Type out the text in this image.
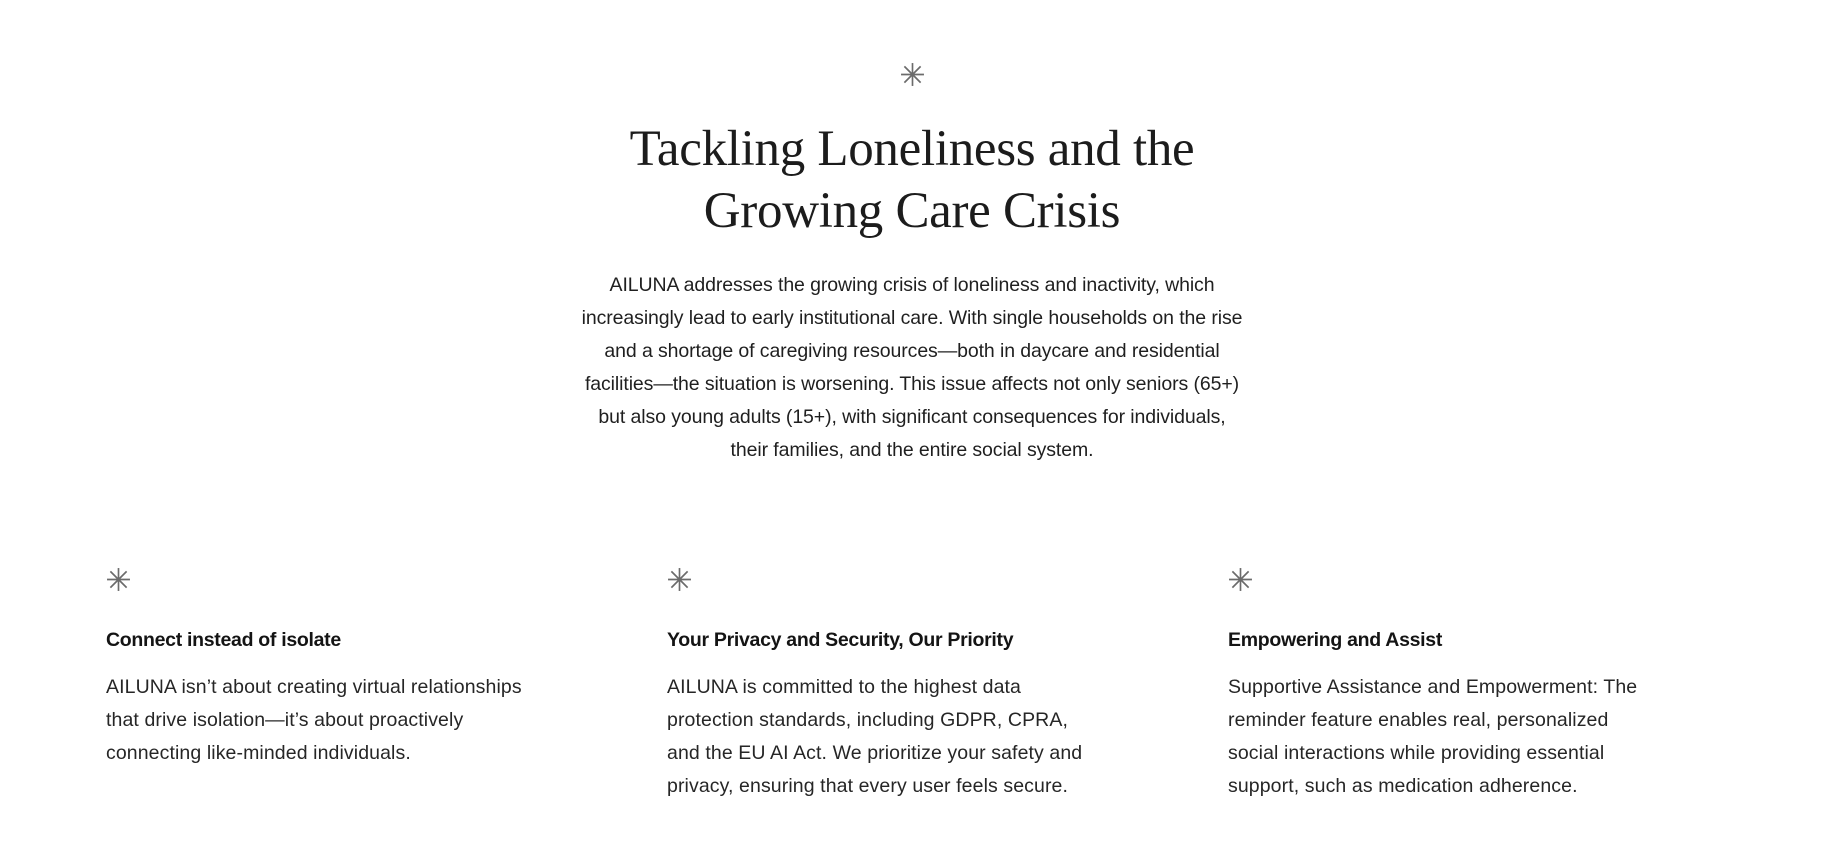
Tackling Loneliness and the
Growing Care Crisis

AILUNA addresses the growing crisis of loneliness and inactivity, which
increasingly lead to early institutional care. With single households on the rise
and a shortage of caregiving resources—both in daycare and residential
facilities—the situation is worsening. This issue affects not only seniors (65+)
but also young adults (15+), with significant consequences for individuals,
their families, and the entire social system.

Connect instead of isolate

AILUNA isn’t about creating virtual relationships
that drive isolation—it’s about proactively
connecting like-minded individuals.

Your Privacy and Security, Our Priority

AILUNA is committed to the highest data
protection standards, including GDPR, CPRA,
and the EU AI Act. We prioritize your safety and
privacy, ensuring that every user feels secure.

Empowering and Assist

Supportive Assistance and Empowerment: The
reminder feature enables real, personalized
social interactions while providing essential
support, such as medication adherence.
